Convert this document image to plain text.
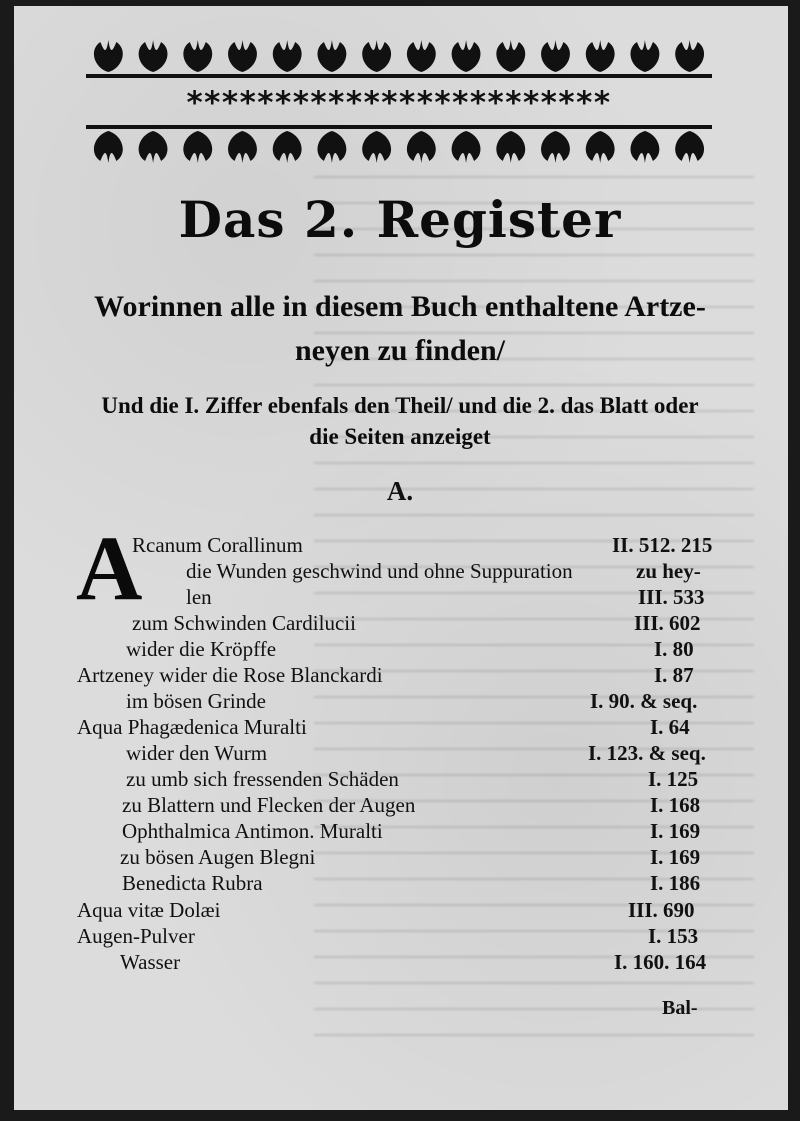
************************
Das 2. Register
Worinnen alle in diesem Buch enthaltene Artze-neyen zu finden/
Und die I. Ziffer ebenfals den Theil/ und die 2. das Blatt oder die Seiten anzeiget
A.
A
Rcanum Corallinum	II. 512. 215
die Wunden geschwind und ohne Suppuration	zu hey-
len	III. 533
zum Schwinden Cardilucii	III. 602
wider die Kröpffe	I. 80
Artzeney wider die Rose Blanckardi	I. 87
im bösen Grinde	I. 90. & seq.
Aqua Phagædenica Muralti	I. 64
wider den Wurm	I. 123. & seq.
zu umb sich fressenden Schäden	I. 125
zu Blattern und Flecken der Augen	I. 168
Ophthalmica Antimon. Muralti	I. 169
zu bösen Augen Blegni	I. 169
Benedicta Rubra	I. 186
Aqua vitæ Dolæi	III. 690
Augen-Pulver	I. 153
Wasser	I. 160. 164
Bal-
